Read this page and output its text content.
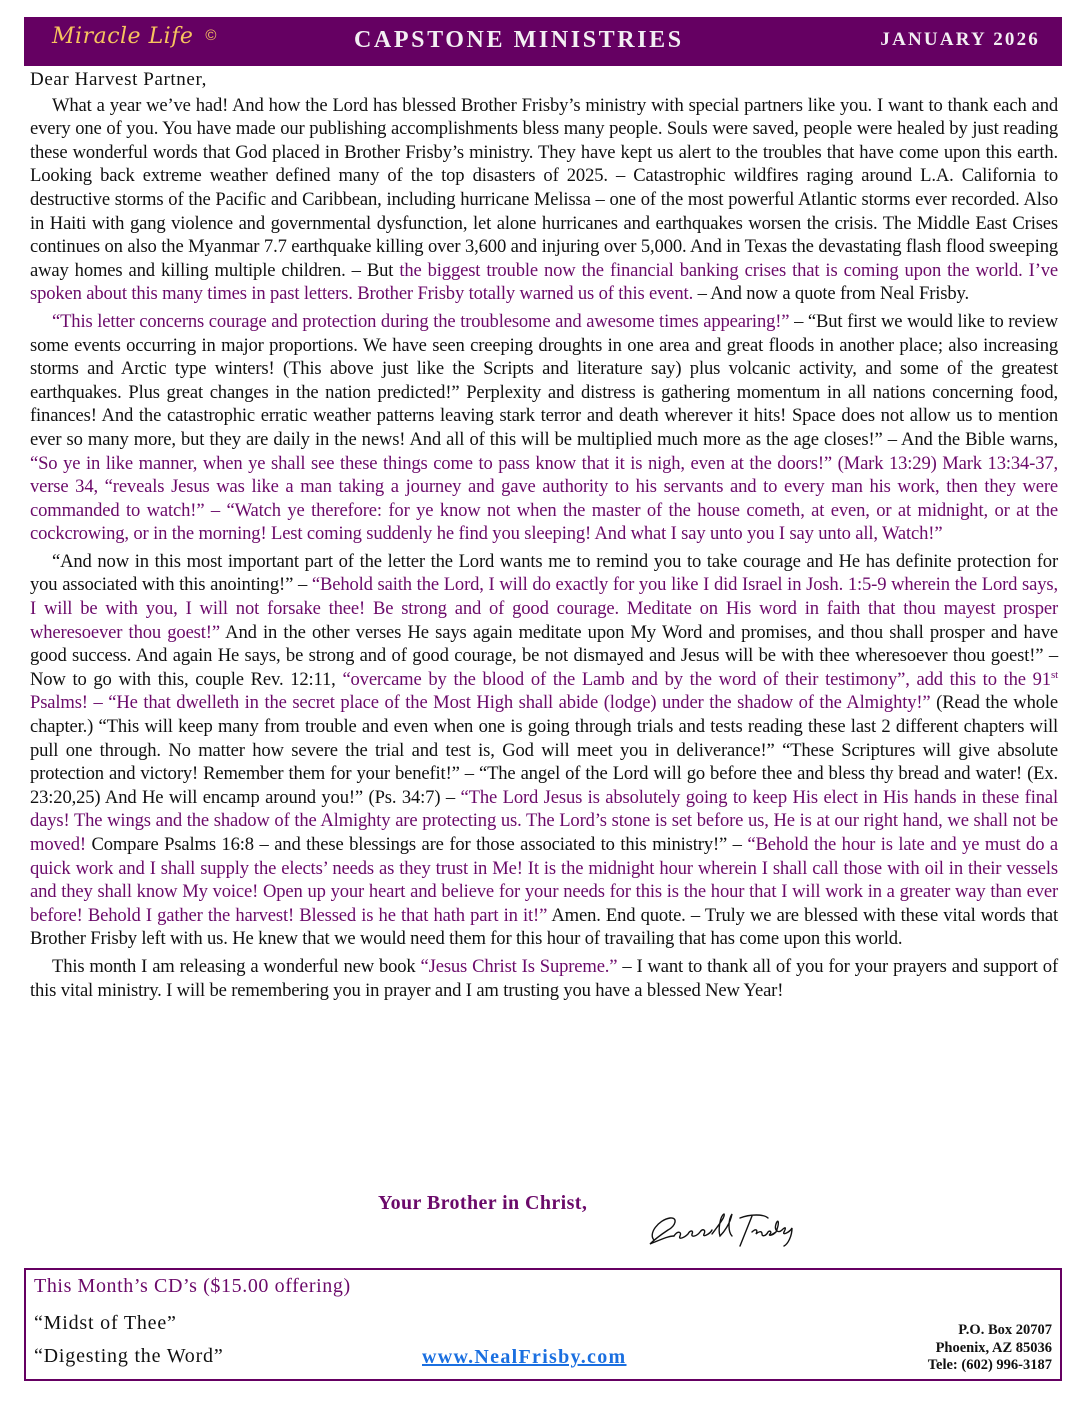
Miracle Life ©	CAPSTONE MINISTRIES	JANUARY 2026
Dear Harvest Partner,
What a year we’ve had! And how the Lord has blessed Brother Frisby’s ministry with special partners like you. I want to thank each and every one of you. You have made our publishing accomplishments bless many people. Souls were saved, people were healed by just reading these wonderful words that God placed in Brother Frisby’s ministry. They have kept us alert to the troubles that have come upon this earth. Looking back extreme weather defined many of the top disasters of 2025. – Catastrophic wildfires raging around L.A. California to destructive storms of the Pacific and Caribbean, including hurricane Melissa – one of the most powerful Atlantic storms ever recorded. Also in Haiti with gang violence and governmental dysfunction, let alone hurricanes and earthquakes worsen the crisis. The Middle East Crises continues on also the Myanmar 7.7 earthquake killing over 3,600 and injuring over 5,000. And in Texas the devastating flash flood sweeping away homes and killing multiple children. – But the biggest trouble now the financial banking crises that is coming upon the world. I’ve spoken about this many times in past letters. Brother Frisby totally warned us of this event. – And now a quote from Neal Frisby.
“This letter concerns courage and protection during the troublesome and awesome times appearing!” – “But first we would like to review some events occurring in major proportions. We have seen creeping droughts in one area and great floods in another place; also increasing storms and Arctic type winters! (This above just like the Scripts and literature say) plus volcanic activity, and some of the greatest earthquakes. Plus great changes in the nation predicted!” Perplexity and distress is gathering momentum in all nations concerning food, finances! And the catastrophic erratic weather patterns leaving stark terror and death wherever it hits! Space does not allow us to mention ever so many more, but they are daily in the news! And all of this will be multiplied much more as the age closes!” – And the Bible warns, “So ye in like manner, when ye shall see these things come to pass know that it is nigh, even at the doors!” (Mark 13:29) Mark 13:34-37, verse 34, “reveals Jesus was like a man taking a journey and gave authority to his servants and to every man his work, then they were commanded to watch!” – “Watch ye therefore: for ye know not when the master of the house cometh, at even, or at midnight, or at the cockcrowing, or in the morning! Lest coming suddenly he find you sleeping! And what I say unto you I say unto all, Watch!”
“And now in this most important part of the letter the Lord wants me to remind you to take courage and He has definite protection for you associated with this anointing!” – “Behold saith the Lord, I will do exactly for you like I did Israel in Josh. 1:5-9 wherein the Lord says, I will be with you, I will not forsake thee! Be strong and of good courage. Meditate on His word in faith that thou mayest prosper wheresoever thou goest!” And in the other verses He says again meditate upon My Word and promises, and thou shall prosper and have good success. And again He says, be strong and of good courage, be not dismayed and Jesus will be with thee wheresoever thou goest!” – Now to go with this, couple Rev. 12:11, “overcame by the blood of the Lamb and by the word of their testimony”, add this to the 91st Psalms! – “He that dwelleth in the secret place of the Most High shall abide (lodge) under the shadow of the Almighty!” (Read the whole chapter.) “This will keep many from trouble and even when one is going through trials and tests reading these last 2 different chapters will pull one through. No matter how severe the trial and test is, God will meet you in deliverance!” “These Scriptures will give absolute protection and victory! Remember them for your benefit!” – “The angel of the Lord will go before thee and bless thy bread and water! (Ex. 23:20,25) And He will encamp around you!” (Ps. 34:7) – “The Lord Jesus is absolutely going to keep His elect in His hands in these final days! The wings and the shadow of the Almighty are protecting us. The Lord’s stone is set before us, He is at our right hand, we shall not be moved! Compare Psalms 16:8 – and these blessings are for those associated to this ministry!” – “Behold the hour is late and ye must do a quick work and I shall supply the elects’ needs as they trust in Me! It is the midnight hour wherein I shall call those with oil in their vessels and they shall know My voice! Open up your heart and believe for your needs for this is the hour that I will work in a greater way than ever before! Behold I gather the harvest! Blessed is he that hath part in it!” Amen. End quote. – Truly we are blessed with these vital words that Brother Frisby left with us. He knew that we would need them for this hour of travailing that has come upon this world.
This month I am releasing a wonderful new book “Jesus Christ Is Supreme.” – I want to thank all of you for your prayers and support of this vital ministry. I will be remembering you in prayer and I am trusting you have a blessed New Year!
Your Brother in Christ,
This Month’s CD’s ($15.00 offering)
“Midst of Thee”
“Digesting the Word”	www.NealFrisby.com
P.O. Box 20707
Phoenix, AZ 85036
Tele: (602) 996-3187
